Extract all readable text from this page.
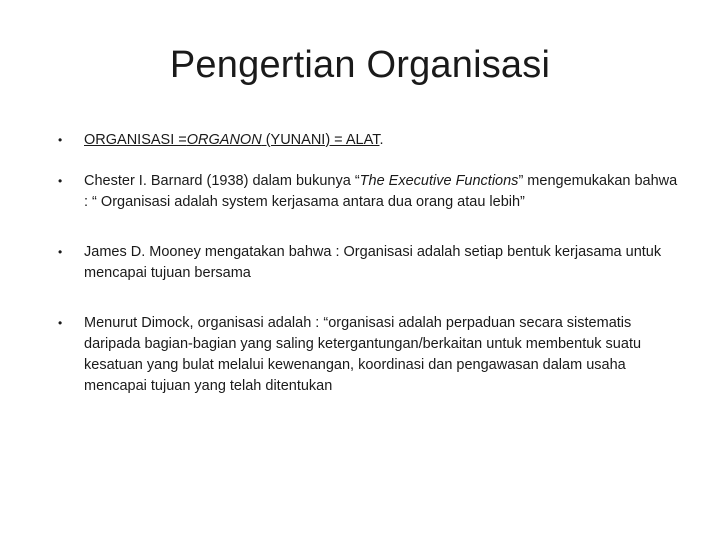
Pengertian Organisasi
• ORGANISASI =ORGANON (YUNANI) = ALAT.
• Chester I. Barnard (1938) dalam bukunya “The Executive Functions” mengemukakan bahwa : “ Organisasi adalah system kerjasama antara dua orang atau lebih”
• James D. Mooney mengatakan bahwa : Organisasi adalah setiap bentuk kerjasama untuk mencapai tujuan bersama
• Menurut Dimock, organisasi adalah : “organisasi adalah perpaduan secara sistematis daripada bagian-bagian yang saling ketergantungan/berkaitan untuk membentuk suatu kesatuan yang bulat melalui kewenangan, koordinasi dan pengawasan dalam usaha mencapai tujuan yang telah ditentukan
